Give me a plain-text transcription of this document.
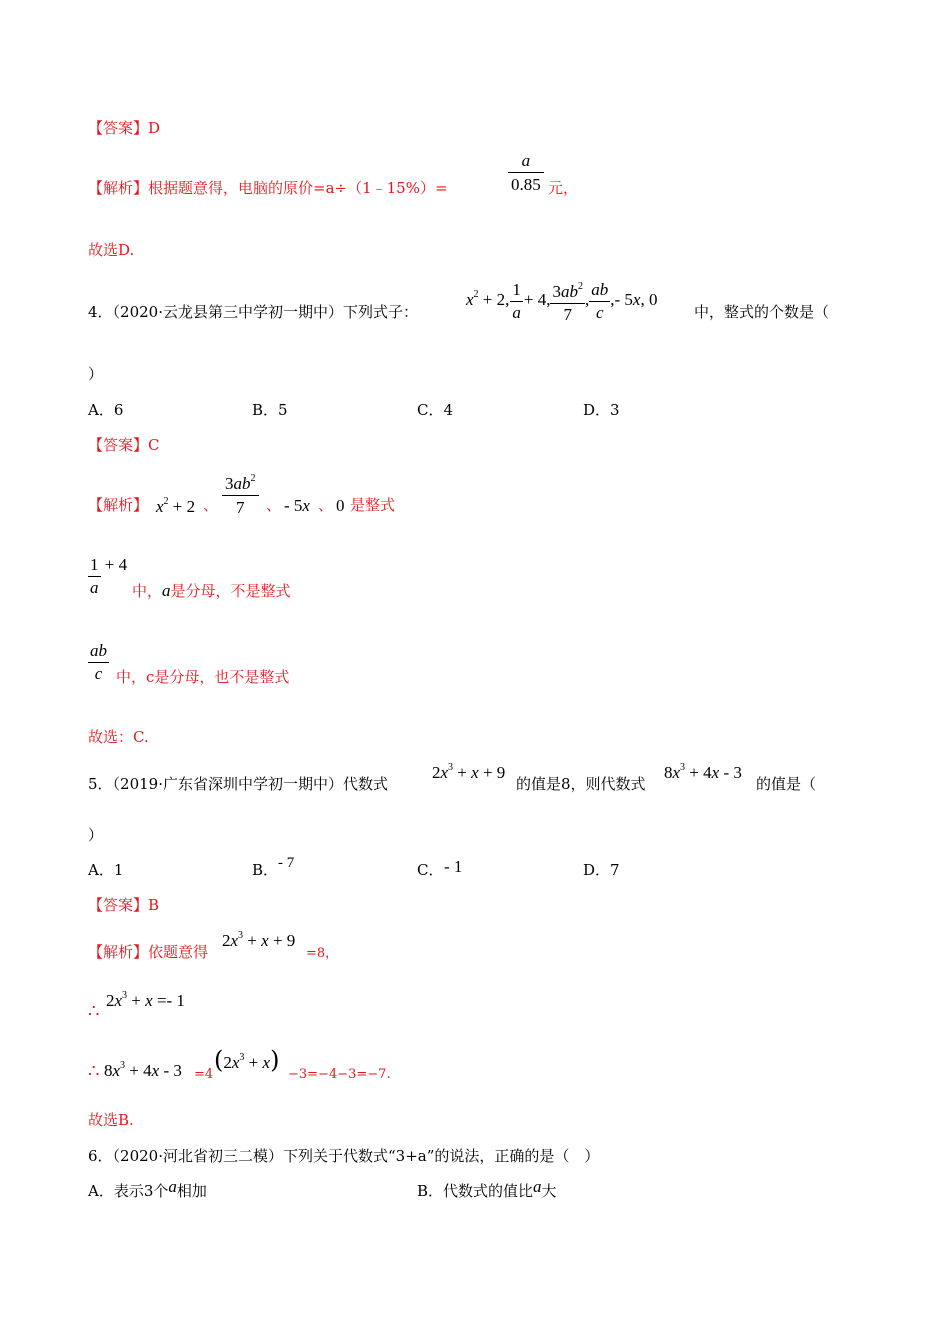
【答案】D
【解析】根据题意得，电脑的原价=a÷（1﹣15%）=	$\frac{a}{0.85}$ 元，
故选D.
4．（2020·云龙县第三中学初一期中）下列式子：
$x^2 + 2$, $\frac{1}{a} + 4$, $\frac{3ab^2}{7}$ , $\frac{ab}{c}$ ,- 5x, 0
中，整式的个数是（
）
A．6	B．5	C．4	D．3
【答案】C
【解析】 $x^2 + 2$ 、
$3ab^2$
7	、 - 5x 、 0 是整式
$\frac{1}{a} + 4$
中，a是分母，不是整式
$\frac{ab}{c}$ 中，c是分母，也不是整式
故选：C.
5．（2019·广东省深圳中学初一期中）代数式
$2x^3 + x + 9$
的值是8，则代数式
$8x^3 + 4x - 3$
的值是（
）
A．1	B． - 7	C． - 1	D．7
【答案】B
【解析】依题意得
$2x^3 + x + 9$
=8，
∴
$2x^3 + x =- 1$
∴ $8x^3 + 4x - 3 =4$
$(2x^3 + x)$
−3=−4−3=−7.
故选B.
6．（2020·河北省初三二模）下列关于代数式“3+a”的说法，正确的是（　）
A．表示3个a相加	B．代数式的值比a大
